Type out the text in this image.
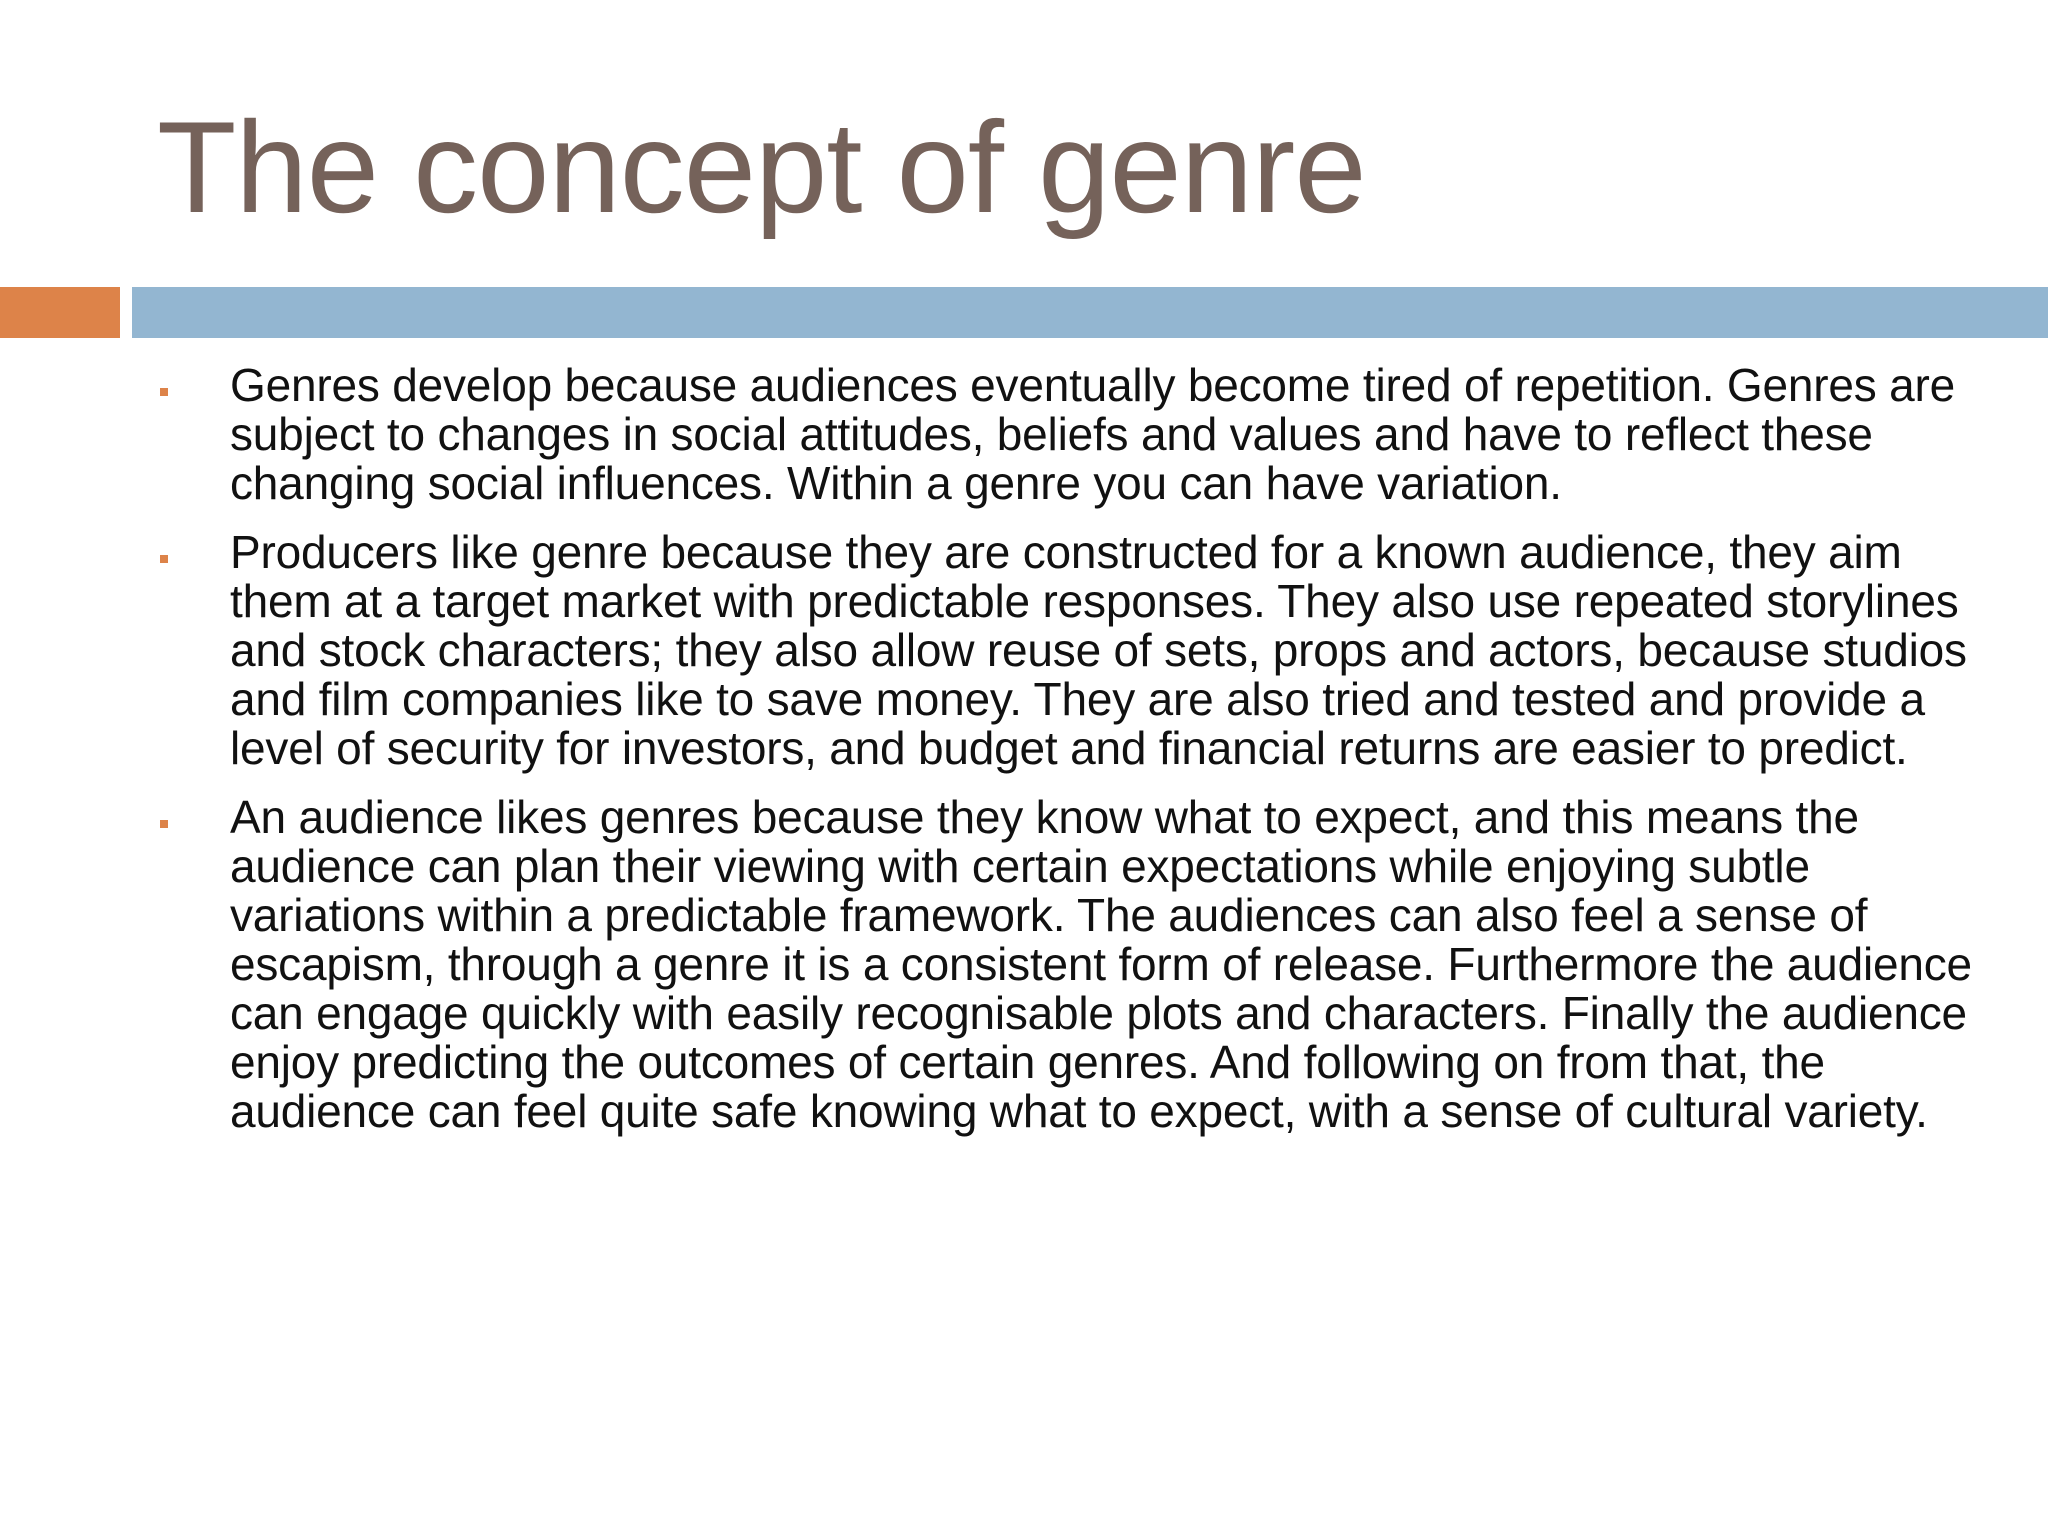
The concept of genre
Genres develop because audiences eventually become tired of repetition. Genres are subject to changes in social attitudes, beliefs and values and have to reflect these changing social influences. Within a genre you can have variation.
Producers like genre because they are constructed for a known audience, they aim them at a target market with predictable responses. They also use repeated storylines and stock characters; they also allow reuse of sets, props and actors, because studios and film companies like to save money. They are also tried and tested and provide a level of security for investors, and budget and financial returns are easier to predict.
An audience likes genres because they know what to expect, and this means the audience can plan their viewing with certain expectations while enjoying subtle variations within a predictable framework. The audiences can also feel a sense of escapism, through a genre it is a consistent form of release. Furthermore the audience can engage quickly with easily recognisable plots and characters. Finally the audience enjoy predicting the outcomes of certain genres. And following on from that, the audience can feel quite safe knowing what to expect, with a sense of cultural variety.
